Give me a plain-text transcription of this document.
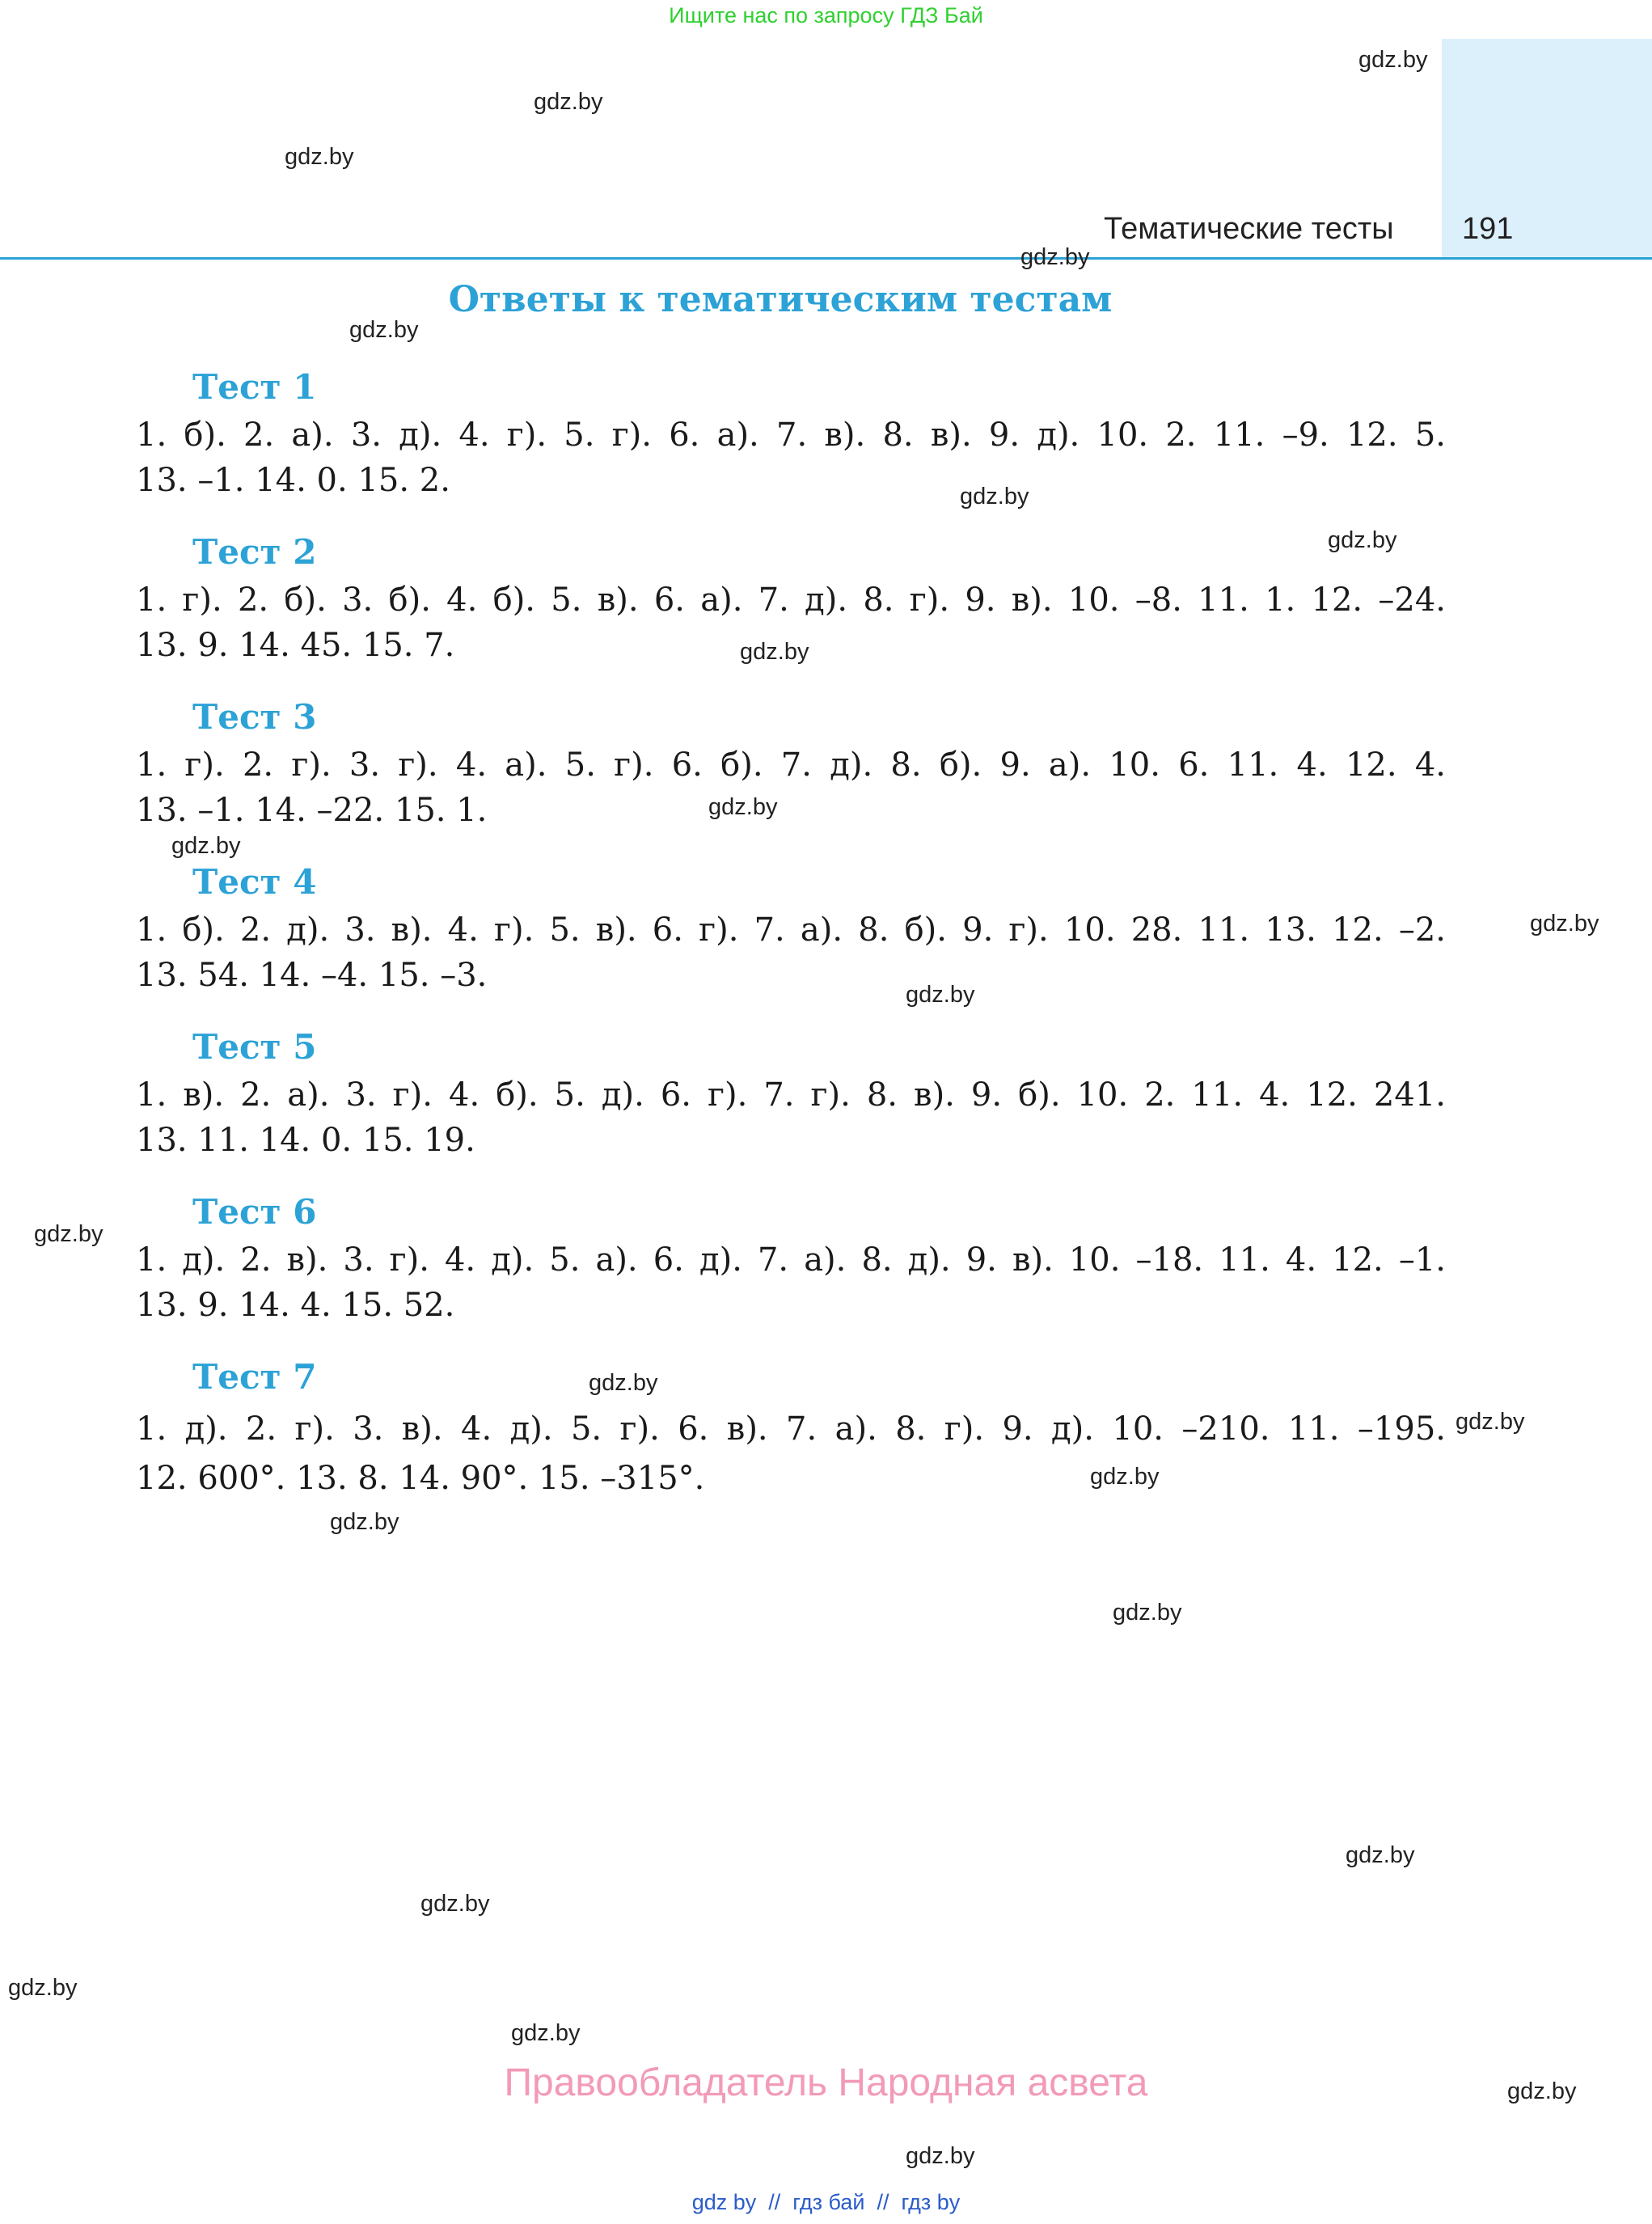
Ищите нас по запросу ГДЗ Бай
Тематические тесты 191
Ответы к тематическим тестам
Тест 1
1. б). 2. а). 3. д). 4. г). 5. г). 6. а). 7. в). 8. в). 9. д). 10. 2. 11. –9. 12. 5.
13. –1. 14. 0. 15. 2.
Тест 2
1. г). 2. б). 3. б). 4. б). 5. в). 6. а). 7. д). 8. г). 9. в). 10. –8. 11. 1. 12. –24.
13. 9. 14. 45. 15. 7.
Тест 3
1. г). 2. г). 3. г). 4. а). 5. г). 6. б). 7. д). 8. б). 9. а). 10. 6. 11. 4. 12. 4.
13. –1. 14. –22. 15. 1.
Тест 4
1. б). 2. д). 3. в). 4. г). 5. в). 6. г). 7. а). 8. б). 9. г). 10. 28. 11. 13. 12. –2.
13. 54. 14. –4. 15. –3.
Тест 5
1. в). 2. а). 3. г). 4. б). 5. д). 6. г). 7. г). 8. в). 9. б). 10. 2. 11. 4. 12. 241.
13. 11. 14. 0. 15. 19.
Тест 6
1. д). 2. в). 3. г). 4. д). 5. а). 6. д). 7. а). 8. д). 9. в). 10. –18. 11. 4. 12. –1.
13. 9. 14. 4. 15. 52.
Тест 7
1. д). 2. г). 3. в). 4. д). 5. г). 6. в). 7. а). 8. г). 9. д). 10. –210. 11. –195.
12. 600°. 13. 8. 14. 90°. 15. –315°.
gdz.by
gdz.by
gdz.by
gdz.by
gdz.by
gdz.by
gdz.by
gdz.by
gdz.by
gdz.by
gdz.by
gdz.by
gdz.by
gdz.by
gdz.by
gdz.by
gdz.by
gdz.by
gdz.by
gdz.by
gdz.by
gdz.by
gdz.by
gdz.by
Правообладатель Народная асвета
gdz by  //  гдз бай  //  гдз by
